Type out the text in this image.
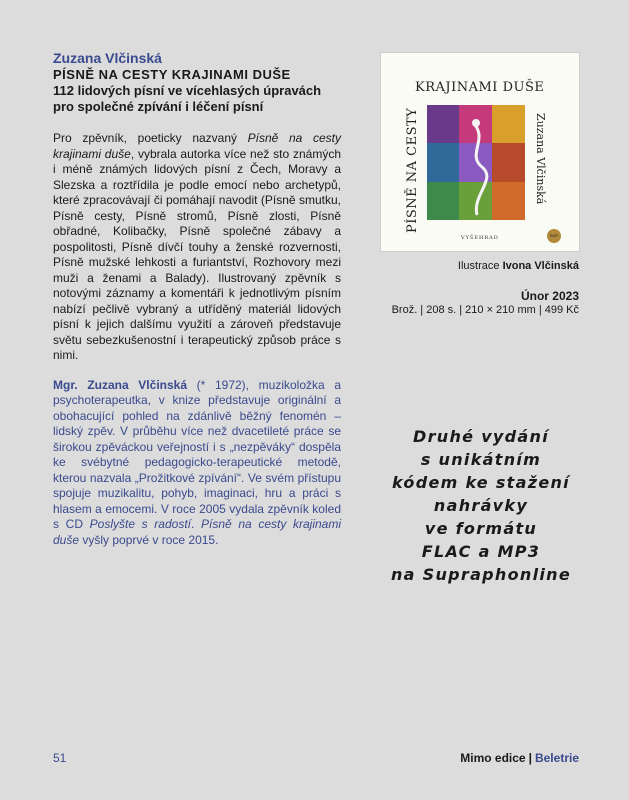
Zuzana Vlčinská
PÍSNĚ NA CESTY KRAJINAMI DUŠE
112 lidových písní ve vícehlasých úpravách
pro společné zpívání i léčení písní
Pro zpěvník, poeticky nazvaný Písně na cesty krajinami duše, vybrala autorka více než sto známých i méně známých lidových písní z Čech, Moravy a Slezska a roztřídila je podle emocí nebo archetypů, které zpracovávají či pomáhají navodit (Písně smutku, Písně cesty, Písně stromů, Písně zlosti, Písně obřadné, Kolibačky, Písně společné zábavy a pospolitosti, Písně dívčí touhy a ženské rozvernosti, Písně mužské lehkosti a furiantství, Rozhovory mezi muži a ženami a Balady). Ilustrovaný zpěvník s notovými záznamy a komentáři k jednotlivým písním nabízí pečlivě vybraný a utříděný materiál lidových písní k jejich dalšímu využití a zároveň představuje světu sebezkušenostní i terapeutický způsob práce s nimi.
Mgr. Zuzana Vlčinská (* 1972), muzikoložka a psychoterapeutka, v knize představuje originální a obohacující pohled na zdánlivě běžný fenomén – lidský zpěv. V průběhu více než dvacetileté práce se širokou zpěváckou veřejností i s „nezpěváky“ dospěla ke svébytné pedagogicko-terapeutické metodě, kterou nazvala „Prožitkové zpívání“. Ve svém přístupu spojuje muzikalitu, pohyb, imaginaci, hru a práci s hlasem a emocemi. V roce 2005 vydala zpěvník koled s CD Poslyšte s radostí. Písně na cesty krajinami duše vyšly poprvé v roce 2015.
KRAJINAMI DUŠE
PÍSNĚ NA CESTY	Zuzana Vlčinská
VYŠEHRAD	SUP
Ilustrace Ivona Vlčinská
Únor 2023
Brož. | 208 s. | 210 × 210 mm | 499 Kč
Druhé vydání
s unikátním
kódem ke stažení
nahrávky
ve formátu
FLAC a MP3
na Supraphonline
51	Mimo edice | Beletrie
